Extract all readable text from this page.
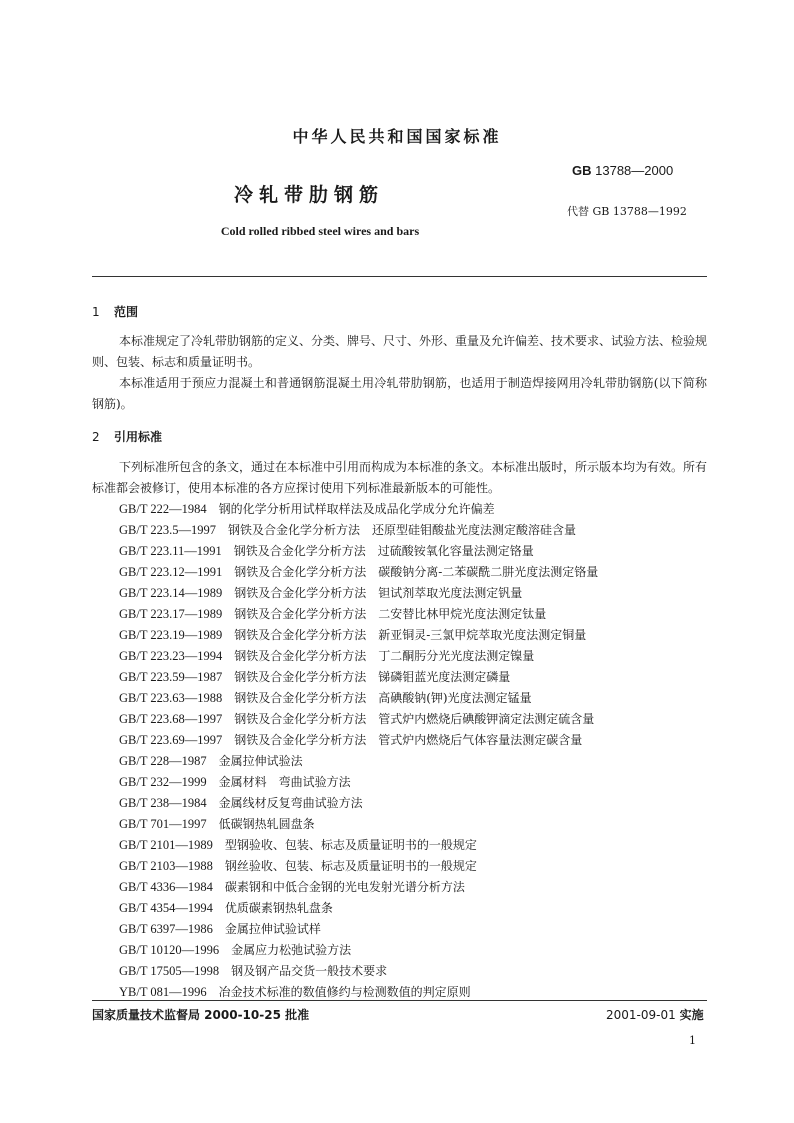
中华人民共和国国家标准
GB 13788—2000
冷轧带肋钢筋
代替 GB 13788—1992
Cold rolled ribbed steel wires and bars
1 范围

本标准规定了冷轧带肋钢筋的定义、分类、牌号、尺寸、外形、重量及允许偏差、技术要求、试验方法、检验规则、包装、标志和质量证明书。

本标准适用于预应力混凝土和普通钢筋混凝土用冷轧带肋钢筋，也适用于制造焊接网用冷轧带肋钢筋(以下简称钢筋)。

2 引用标准

下列标准所包含的条文，通过在本标准中引用而构成为本标准的条文。本标准出版时，所示版本均为有效。所有标准都会被修订，使用本标准的各方应探讨使用下列标准最新版本的可能性。

GB/T 222—1984 钢的化学分析用试样取样法及成品化学成分允许偏差
GB/T 223.5—1997 钢铁及合金化学分析方法　还原型硅钼酸盐光度法测定酸溶硅含量
GB/T 223.11—1991 钢铁及合金化学分析方法　过硫酸铵氧化容量法测定铬量
GB/T 223.12—1991 钢铁及合金化学分析方法　碳酸钠分离-二苯碳酰二肼光度法测定铬量
GB/T 223.14—1989 钢铁及合金化学分析方法　钽试剂萃取光度法测定钒量
GB/T 223.17—1989 钢铁及合金化学分析方法　二安替比林甲烷光度法测定钛量
GB/T 223.19—1989 钢铁及合金化学分析方法　新亚铜灵-三氯甲烷萃取光度法测定铜量
GB/T 223.23—1994 钢铁及合金化学分析方法　丁二酮肟分光光度法测定镍量
GB/T 223.59—1987 钢铁及合金化学分析方法　锑磷钼蓝光度法测定磷量
GB/T 223.63—1988 钢铁及合金化学分析方法　高碘酸钠(钾)光度法测定锰量
GB/T 223.68—1997 钢铁及合金化学分析方法　管式炉内燃烧后碘酸钾滴定法测定硫含量
GB/T 223.69—1997 钢铁及合金化学分析方法　管式炉内燃烧后气体容量法测定碳含量
GB/T 228—1987 金属拉伸试验法
GB/T 232—1999 金属材料　弯曲试验方法
GB/T 238—1984 金属线材反复弯曲试验方法
GB/T 701—1997 低碳钢热轧圆盘条
GB/T 2101—1989 型钢验收、包装、标志及质量证明书的一般规定
GB/T 2103—1988 钢丝验收、包装、标志及质量证明书的一般规定
GB/T 4336—1984 碳素钢和中低合金钢的光电发射光谱分析方法
GB/T 4354—1994 优质碳素钢热轧盘条
GB/T 6397—1986 金属拉伸试验试样
GB/T 10120—1996 金属应力松弛试验方法
GB/T 17505—1998 钢及钢产品交货一般技术要求
YB/T 081—1996 冶金技术标准的数值修约与检测数值的判定原则
国家质量技术监督局 2000-10-25 批准	2001-09-01 实施
1
